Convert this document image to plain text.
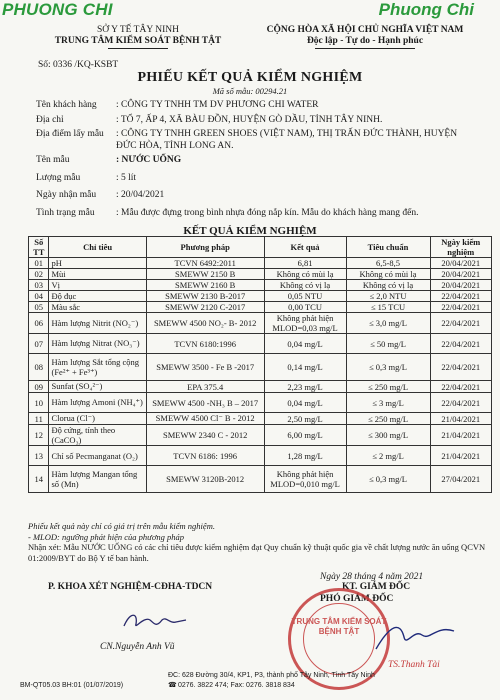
PHUONG CHI	Phuong Chi
SỞ Y TẾ TÂY NINH
TRUNG TÂM KIỂM SOÁT BỆNH TẬT
CỘNG HÒA XÃ HỘI CHỦ NGHĨA VIỆT NAM
Độc lập - Tự do - Hạnh phúc
Số: 0336 /KQ-KSBT
PHIẾU KẾT QUẢ KIỂM NGHIỆM
Mã số mẫu: 00294.21
Tên khách hàng	: CÔNG TY TNHH TM DV PHƯƠNG CHI WATER
Địa chỉ	: TỔ 7, ẤP 4, XÃ BÀU ĐỒN, HUYỆN GÒ DẦU, TỈNH TÂY NINH.
Địa điểm lấy mẫu	: CÔNG TY TNHH GREEN SHOES (VIỆT NAM), THỊ TRẤN ĐỨC THÀNH, HUYỆN ĐỨC HÒA, TỈNH LONG AN.
Tên mẫu	: NƯỚC UỐNG
Lượng mẫu	: 5 lít
Ngày nhận mẫu	: 20/04/2021
Tình trạng mẫu	: Mẫu được đựng trong bình nhựa đóng nắp kín. Mẫu do khách hàng mang đến.
KẾT QUẢ KIỂM NGHIỆM
Số TT	Chỉ tiêu	Phương pháp	Kết quả	Tiêu chuẩn	Ngày kiểm nghiệm
01	pH	TCVN 6492:2011	6,81	6,5-8,5	20/04/2021
02	Mùi	SMEWW 2150 B	Không có mùi lạ	Không có mùi lạ	20/04/2021
03	Vị	SMEWW 2160 B	Không có vị lạ	Không có vị lạ	20/04/2021
04	Độ đục	SMEWW 2130 B-2017	0,05 NTU	≤ 2,0 NTU	22/04/2021
05	Màu sắc	SMEWW 2120 C-2017	0,00 TCU	≤ 15 TCU	22/04/2021
06	Hàm lượng Nitrit (NO₂⁻)	SMEWW 4500 NO₂- B- 2012	Không phát hiện MLOD=0,03 mg/L	≤ 3,0 mg/L	22/04/2021
07	Hàm lượng Nitrat (NO₃⁻)	TCVN 6180:1996	0,04 mg/L	≤ 50 mg/L	22/04/2021
08	Hàm lượng Sắt tổng cộng (Fe²⁺ + Fe³⁺)	SMEWW 3500 - Fe B -2017	0,14 mg/L	≤ 0,3 mg/L	22/04/2021
09	Sunfat (SO₄²⁻)	EPA 375.4	2,23 mg/L	≤ 250 mg/L	22/04/2021
10	Hàm lượng Amoni (NH₄⁺)	SMEWW 4500 -NH₃ B – 2017	0,04 mg/L	≤ 3 mg/L	22/04/2021
11	Clorua (Cl⁻)	SMEWW 4500 Cl⁻ B - 2012	2,50 mg/L	≤ 250 mg/L	21/04/2021
12	Độ cứng, tính theo (CaCO₃)	SMEWW 2340 C - 2012	6,00 mg/L	≤ 300 mg/L	21/04/2021
13	Chỉ số Pecmanganat (O₂)	TCVN 6186: 1996	1,28 mg/L	≤ 2 mg/L	21/04/2021
14	Hàm lượng Mangan tổng số (Mn)	SMEWW 3120B-2012	Không phát hiện MLOD=0,010 mg/L	≤ 0,3 mg/L	27/04/2021
Phiếu kết quả này chỉ có giá trị trên mẫu kiểm nghiệm.
- MLOD: ngưỡng phát hiện của phương pháp
Nhận xét: Mẫu NƯỚC UỐNG có các chỉ tiêu được kiểm nghiệm đạt Quy chuẩn kỹ thuật quốc gia về chất lượng nước ăn uống QCVN 01:2009/BYT do Bộ Y tế ban hành.
Ngày 28 tháng 4 năm 2021
P. KHOA XÉT NGHIỆM-CĐHA-TDCN	KT. GIÁM ĐỐC
PHÓ GIÁM ĐỐC
CN.Nguyễn Anh Vũ
TRUNG TÂM KIỂM SOÁT BỆNH TẬT
TS.Thanh Tài
ĐC: 628 Đường 30/4, KP1, P3, thành phố Tây Ninh, Tỉnh Tây Ninh
☎ 0276. 3822 474; Fax: 0276. 3818 834
BM-QT05.03 BH:01 (01/07/2019)
